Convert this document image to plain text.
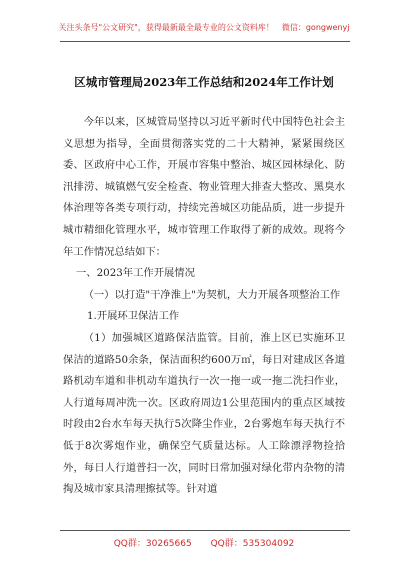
关注头条号"公文研究"，获得最新最全最专业的公文资料库！　微信：gongwenyj
区城市管理局2023年工作总结和2024年工作计划

今年以来，区城管局坚持以习近平新时代中国特色社会主义思想为指导，全面贯彻落实党的二十大精神，紧紧围绕区委、区政府中心工作，开展市容集中整治、城区园林绿化、防汛排涝、城镇燃气安全检查、物业管理大排查大整改、黑臭水体治理等各类专项行动，持续完善城区功能品质，进一步提升城市精细化管理水平，城市管理工作取得了新的成效。现将今年工作情况总结如下：

一、2023年工作开展情况

（一）以打造"干净淮上"为契机，大力开展各项整治工作

1.开展环卫保洁工作

（1）加强城区道路保洁监管。目前，淮上区已实施环卫保洁的道路50余条，保洁面积约600万㎡，每日对建成区各道路机动车道和非机动车道执行一次一拖一或一拖二洗扫作业，人行道每周冲洗一次。区政府周边1公里范围内的重点区域按时段由2台水车每天执行5次降尘作业，2台雾炮车每天执行不低于8次雾炮作业，确保空气质量达标。人工除漂浮物捡拾外，每日人行道普扫一次，同时日常加强对绿化带内杂物的清掏及城市家具清理擦拭等。针对道

QQ群：30265665 QQ群：535304092
